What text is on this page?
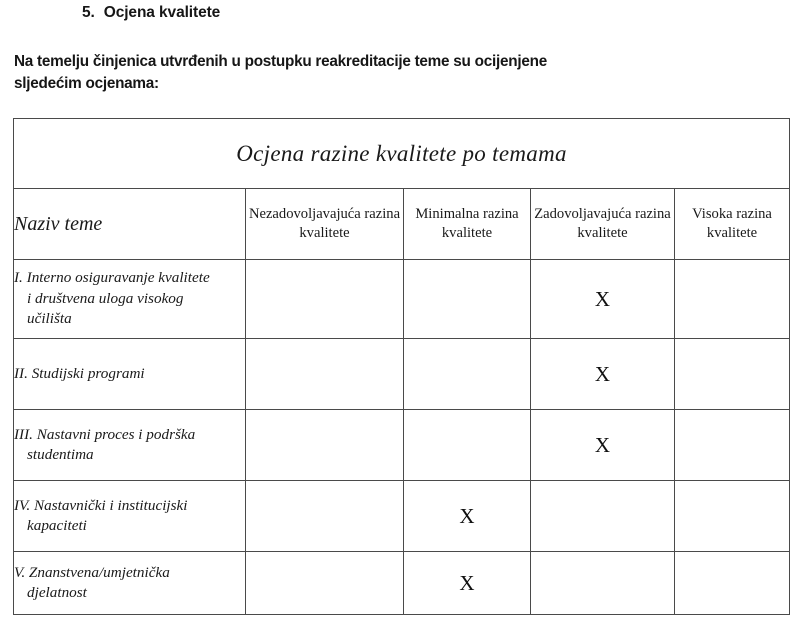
5. Ocjena kvalitete
Na temelju činjenica utvrđenih u postupku reakreditacije teme su ocijenjene
sljedećim ocjenama:
Ocjena razine kvalitete po temama				
Naziv teme	Nezadovoljavajuća razina kvalitete	Minimalna razina kvalitete	Zadovoljavajuća razina kvalitete	Visoka razina kvalitete
I. Interno osiguravanje kvalitete
i društvena uloga visokog
učilišta			X	
II. Studijski programi			X	
III. Nastavni proces i podrška
studentima			X	
IV. Nastavnički i institucijski
kapaciteti		X		
V. Znanstvena/umjetnička
djelatnost		X		
